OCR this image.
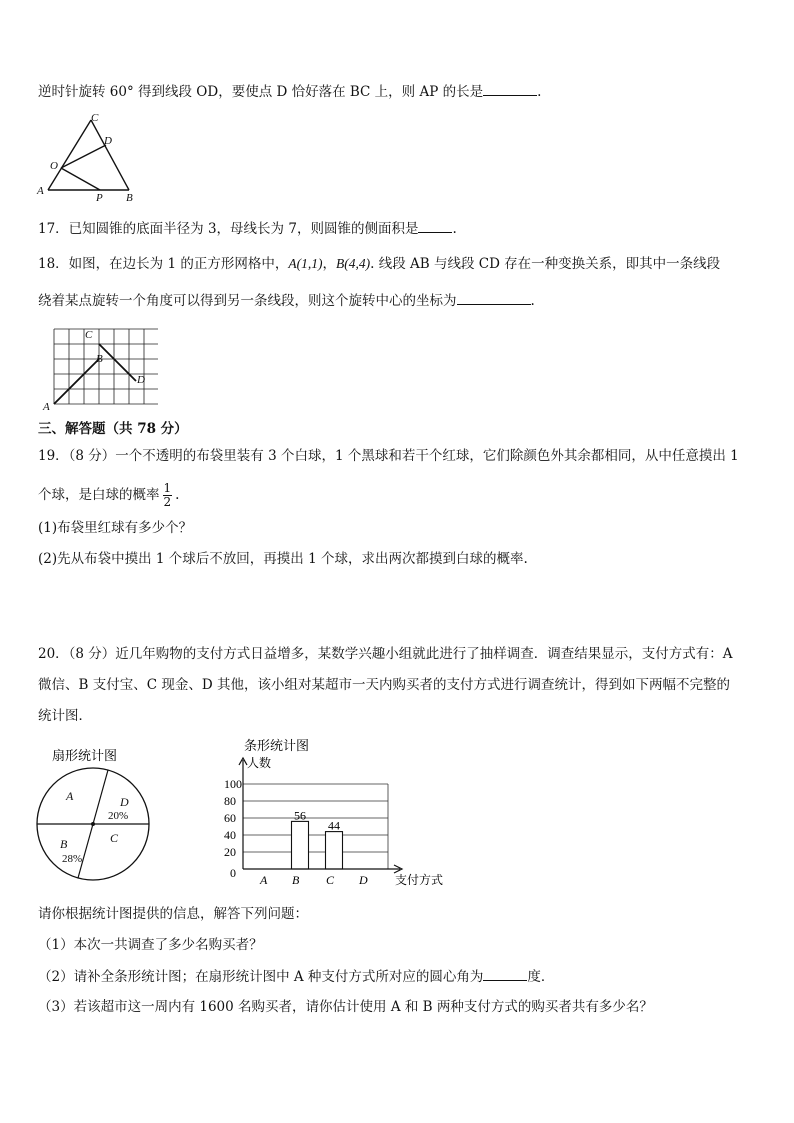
逆时针旋转 60° 得到线段 OD，要使点 D 恰好落在 BC 上，则 AP 的长是	.
C
D
O
A
P B
17．已知圆锥的底面半径为 3，母线长为 7，则圆锥的侧面积是	.
18．如图，在边长为 1 的正方形网格中，A(1,1)，B(4,4). 线段 AB 与线段 CD 存在一种变换关系，即其中一条线段
绕着某点旋转一个角度可以得到另一条线段，则这个旋转中心的坐标为	.
C
B
D
A
三、解答题（共 78 分）
19．（8 分）一个不透明的布袋里装有 3 个白球，1 个黑球和若干个红球，它们除颜色外其余都相同，从中任意摸出 1
个球，是白球的概率 $\frac{1}{2}$ .
(1)布袋里红球有多少个？
(2)先从布袋中摸出 1 个球后不放回，再摸出 1 个球，求出两次都摸到白球的概率.
20．（8 分）近几年购物的支付方式日益增多，某数学兴趣小组就此进行了抽样调查．调查结果显示，支付方式有：A
微信、B 支付宝、C 现金、D 其他，该小组对某超市一天内购买者的支付方式进行调查统计，得到如下两幅不完整的
统计图．
扇形统计图
A	D
20%
C
B
28%
条形统计图
人数
支付方式
0
20
40
60
80
100
A B
56
C
44
D
请你根据统计图提供的信息，解答下列问题：
（1）本次一共调查了多少名购买者？
（2）请补全条形统计图；在扇形统计图中 A 种支付方式所对应的圆心角为	度．
（3）若该超市这一周内有 1600 名购买者，请你估计使用 A 和 B 两种支付方式的购买者共有多少名？
